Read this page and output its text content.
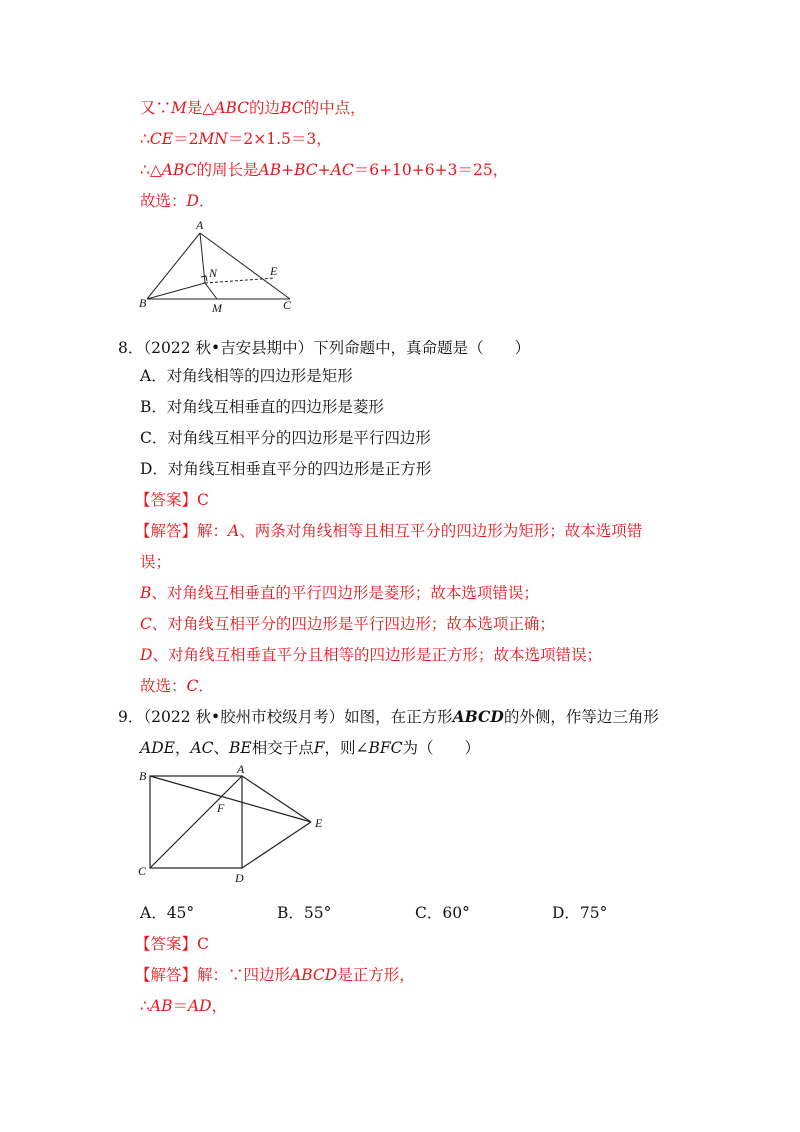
又∵M是△ABC的边BC的中点，
∴CE＝2MN＝2×1.5＝3，
∴△ABC的周长是AB+BC+AC＝6+10+6+3＝25，
故选：D．
A
B	C
N	E
M
8．（2022 秋•吉安县期中）下列命题中，真命题是（　　）
A．对角线相等的四边形是矩形
B．对角线互相垂直的四边形是菱形
C．对角线互相平分的四边形是平行四边形
D．对角线互相垂直平分的四边形是正方形
【答案】C
【解答】解：A、两条对角线相等且相互平分的四边形为矩形；故本选项错
误；
B、对角线互相垂直的平行四边形是菱形；故本选项错误；
C、对角线互相平分的四边形是平行四边形；故本选项正确；
D、对角线互相垂直平分且相等的四边形是正方形；故本选项错误；
故选：C．
9．（2022 秋•胶州市校级月考）如图，在正方形ABCD的外侧，作等边三角形
ADE，AC、BE相交于点F，则∠BFC为（　　）
B	A
E
F
C	D
A．45°	B．55°	C．60°	D．75°
【答案】C
【解答】解：∵四边形ABCD是正方形，
∴AB＝AD，
